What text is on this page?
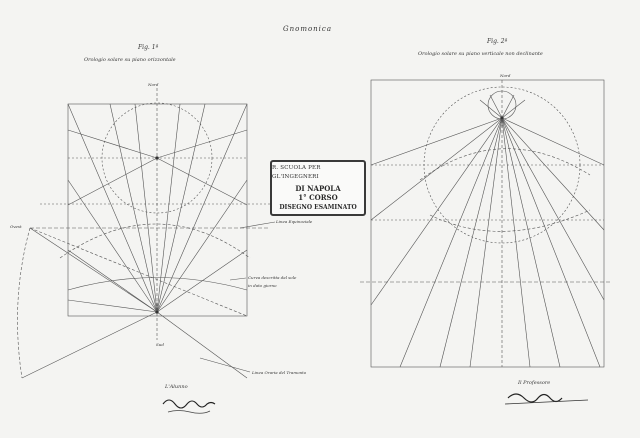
Gnomonica
Fig. 1ª
Orologio solare su piano orizzontale
Fig. 2ª
Orologio solare su piano verticale non declinante
Nord
Sud
Nord
Linea Equinoziale
Curva descritta dal sole
in dato giorno
Linea Oraria del Tramonto
Ovest
L'Alunno
Il Professore
R. SCUOLA PER GL'INGEGNERI
DI NAPOLA
1° CORSO
DISEGNO ESAMINATO
